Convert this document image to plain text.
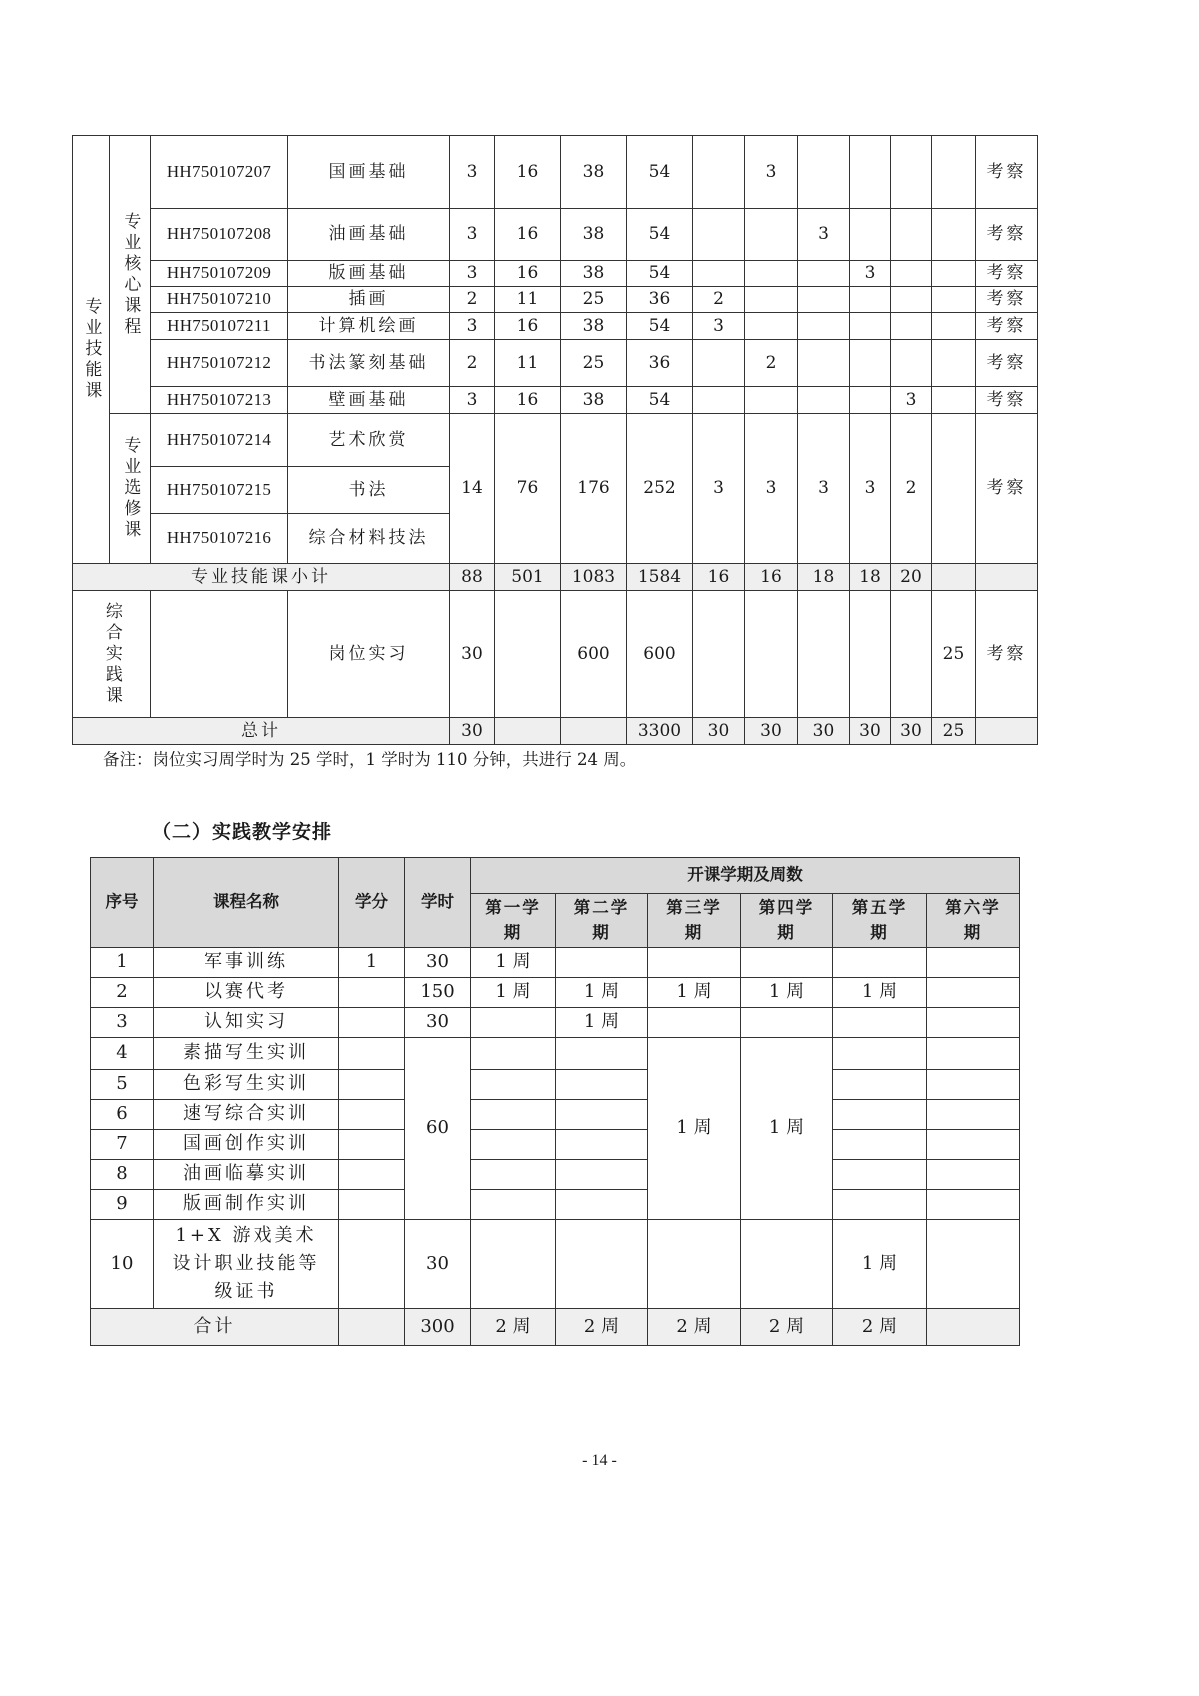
专业技能课	专业核心课程	HH750107207	国画基础	3	16	38	54		3					考察
		HH750107208	油画基础	3	16	38	54			3				考察
		HH750107209	版画基础	3	16	38	54				3			考察
		HH750107210	插画	2	11	25	36	2						考察
		HH750107211	计算机绘画	3	16	38	54	3						考察
		HH750107212	书法篆刻基础	2	11	25	36		2					考察
		HH750107213	壁画基础	3	16	38	54					3		考察

	专业选修课	HH750107214	艺术欣赏	14	76	176	252	3	3	3	3	2		考察
		HH750107215	书法											
		HH750107216	综合材料技法											
专业技能课小计				88	501	1083	1584	16	16	18	18	20		

综合实践课			岗位实习	30		600	600						25	考察
总计				30			3300	30	30	30	30	30	25	
备注：岗位实习周学时为 25 学时，1 学时为 110 分钟，共进行 24 周。
（二）实践教学安排
序号	课程名称	学分	学时	开课学期及周数					
				第一学期	第二学期	第三学期	第四学期	第五学期	第六学期
1	军事训练	1	30	1 周					
2	以赛代考		150	1 周	1 周	1 周	1 周	1 周	
3	认知实习		30		1 周				
4	素描写生实训		60			1 周	1 周		
5	色彩写生实训								
6	速写综合实训								
7	国画创作实训								
8	油画临摹实训								
9	版画制作实训								
10	1+X 游戏美术设计职业技能等级证书		30					1 周	
合计			300	2 周	2 周	2 周	2 周	2 周	
- 14 -
